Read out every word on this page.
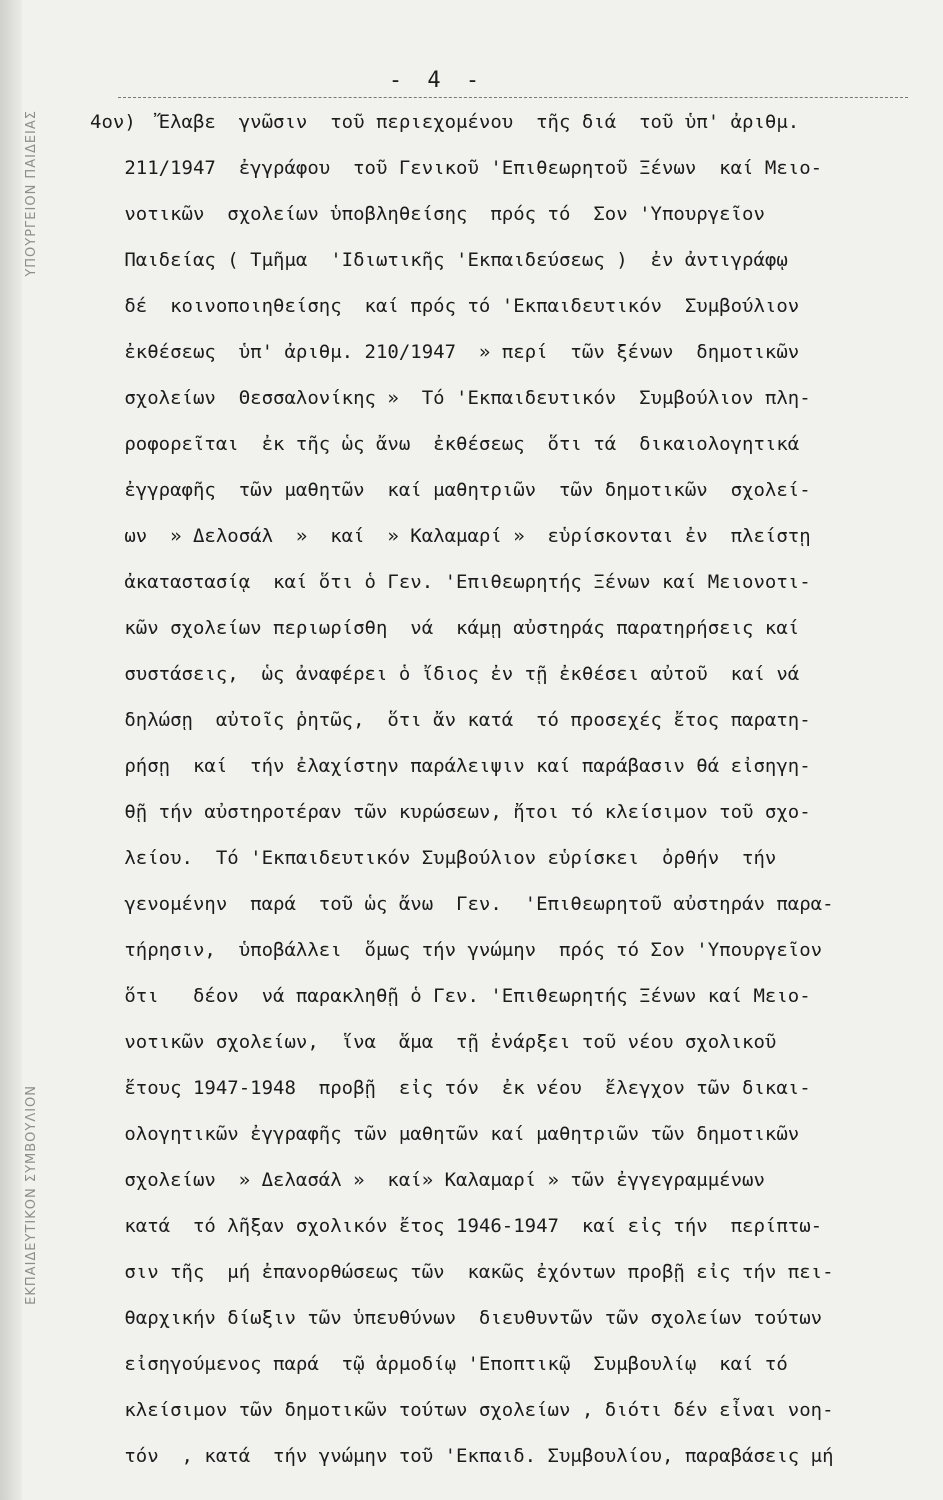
ΥΠΟΥΡΓΕΙΟΝ ΠΑΙΔΕΙΑΣ
ΕΚΠΑΙΔΕΥΤΙΚΟΝ ΣΥΜΒΟΥΛΙΟΝ
- 4 -
4ον)  Ἔλαβε  γνῶσιν  τοῦ περιεχομένου  τῆς διά  τοῦ ὑπ' ἀριθμ.
211/1947  ἐγγράφου  τοῦ Γενικοῦ 'Επιθεωρητοῦ Ξένων  καί Μειο-
νοτικῶν  σχολείων ὑποβληθείσης  πρός τό  Σον 'Υπουργεῖον
Παιδείας ( Τμῆμα  'Ιδιωτικῆς 'Εκπαιδεύσεως )  ἐν ἀντιγράφῳ
δέ  κοινοποιηθείσης  καί πρός τό 'Εκπαιδευτικόν  Συμβούλιον
ἐκθέσεως  ὑπ' ἀριθμ. 210/1947  » περί  τῶν ξένων  δημοτικῶν
σχολείων  Θεσσαλονίκης »  Τό 'Εκπαιδευτικόν  Συμβούλιον πλη-
ροφορεῖται  ἐκ τῆς ὡς ἄνω  ἐκθέσεως  ὅτι τά  δικαιολογητικά
ἐγγραφῆς  τῶν μαθητῶν  καί μαθητριῶν  τῶν δημοτικῶν  σχολεί-
ων  » Δελοσάλ  »  καί  » Καλαμαρί »  εὑρίσκονται ἐν  πλείστῃ
ἀκαταστασίᾳ  καί ὅτι ὁ Γεν. 'Επιθεωρητής Ξένων καί Μειονοτι-
κῶν σχολείων περιωρίσθη  νά  κάμῃ αὐστηράς παρατηρήσεις καί
συστάσεις,  ὡς ἀναφέρει ὁ ἴδιος ἐν τῇ ἐκθέσει αὐτοῦ  καί νά
δηλώσῃ  αὐτοῖς ῥητῶς,  ὅτι ἄν κατά  τό προσεχές ἔτος παρατη-
ρήσῃ  καί  τήν ἐλαχίστην παράλειψιν καί παράβασιν θά εἰσηγη-
θῇ τήν αὐστηροτέραν τῶν κυρώσεων, ἤτοι τό κλείσιμον τοῦ σχο-
λείου.  Τό 'Εκπαιδευτικόν Συμβούλιον εὑρίσκει  ὀρθήν  τήν
γενομένην  παρά  τοῦ ὡς ἄνω  Γεν.  'Επιθεωρητοῦ αὐστηράν παρα-
τήρησιν,  ὑποβάλλει  ὅμως τήν γνώμην  πρός τό Σον 'Υπουργεῖον
ὅτι   δέον  νά παρακληθῇ ὁ Γεν. 'Επιθεωρητής Ξένων καί Μειο-
νοτικῶν σχολείων,  ἵνα  ἅμα  τῇ ἐνάρξει τοῦ νέου σχολικοῦ
ἔτους 1947-1948  προβῇ  εἰς τόν  ἐκ νέου  ἔλεγχον τῶν δικαι-
ολογητικῶν ἐγγραφῆς τῶν μαθητῶν καί μαθητριῶν τῶν δημοτικῶν
σχολείων  » Δελασάλ »  καί» Καλαμαρί » τῶν ἐγγεγραμμένων
κατά  τό λῆξαν σχολικόν ἔτος 1946-1947  καί εἰς τήν  περίπτω-
σιν τῆς  μή ἐπανορθώσεως τῶν  κακῶς ἐχόντων προβῇ εἰς τήν πει-
θαρχικήν δίωξιν τῶν ὑπευθύνων  διευθυντῶν τῶν σχολείων τούτων
εἰσηγούμενος παρά  τῷ ἁρμοδίῳ 'Εποπτικῷ  Συμβουλίῳ  καί τό
κλείσιμον τῶν δημοτικῶν τούτων σχολείων , διότι δέν εἶναι νοη-
τόν  , κατά  τήν γνώμην τοῦ 'Εκπαιδ. Συμβουλίου, παραβάσεις μή
